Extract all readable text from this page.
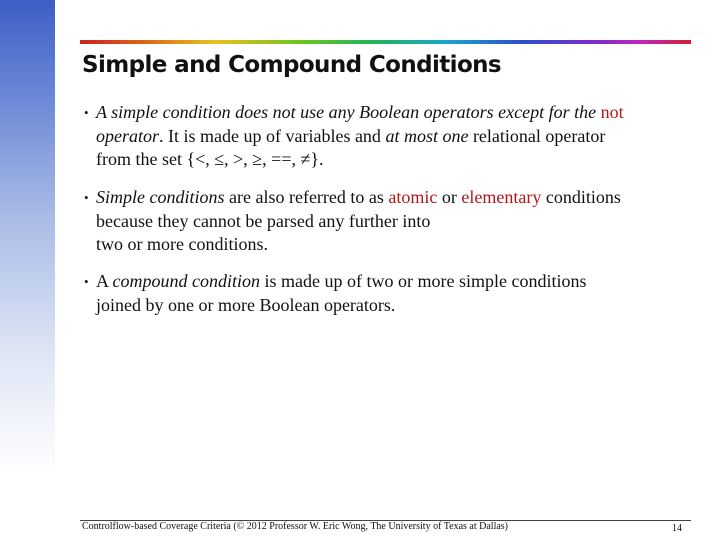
Simple and Compound Conditions
• A simple condition does not use any Boolean operators except for the not
operator. It is made up of variables and at most one relational operator
from the set {<, ≤, >, ≥, ==, ≠}.
• Simple conditions are also referred to as atomic or elementary conditions
because they cannot be parsed any further into
two or more conditions.
• A compound condition is made up of two or more simple conditions
joined by one or more Boolean operators.
Controlflow-based Coverage Criteria (© 2012 Professor W. Eric Wong, The University of Texas at Dallas)	14
